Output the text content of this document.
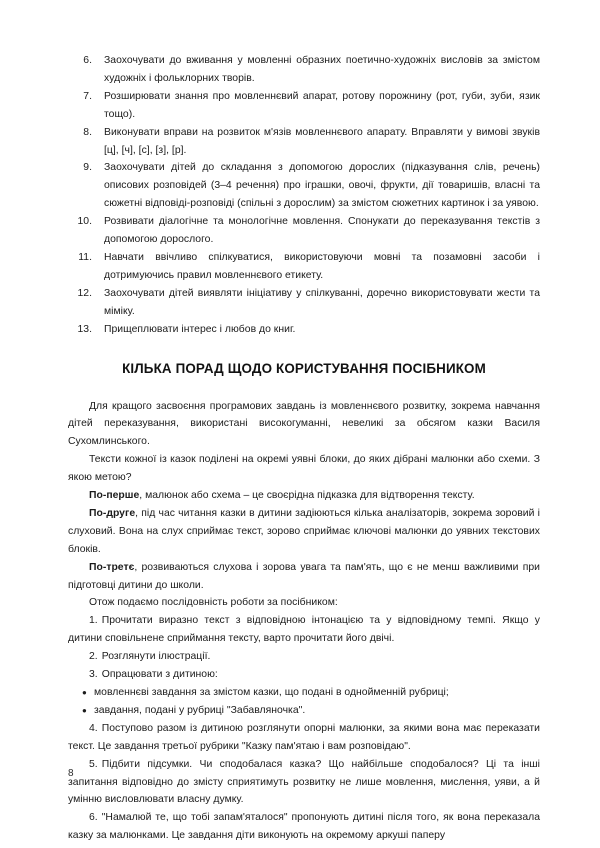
6. Заохочувати до вживання у мовленні образних поетично-художніх висловів за змістом художніх і фольклорних творів.
7. Розширювати знання про мовленнєвий апарат, ротову порожнину (рот, губи, зуби, язик тощо).
8. Виконувати вправи на розвиток м'язів мовленнєвого апарату. Вправляти у вимові звуків [ц], [ч], [с], [з], [р].
9. Заохочувати дітей до складання з допомогою дорослих (підказування слів, речень) описових розповідей (3–4 речення) про іграшки, овочі, фрукти, дії товаришів, власні та сюжетні відповіді-розповіді (спільні з дорослим) за змістом сюжетних картинок і за уявою.
10. Розвивати діалогічне та монологічне мовлення. Спонукати до переказування текстів з допомогою дорослого.
11. Навчати ввічливо спілкуватися, використовуючи мовні та позамовні засоби і дотримуючись правил мовленнєвого етикету.
12. Заохочувати дітей виявляти ініціативу у спілкуванні, доречно використовувати жести та міміку.
13. Прищеплювати інтерес і любов до книг.
КІЛЬКА ПОРАД ЩОДО КОРИСТУВАННЯ ПОСІБНИКОМ

Для кращого засвоєння програмових завдань із мовленнєвого розвитку, зокрема навчання дітей переказування, використані високогуманні, невеликі за обсягом казки Василя Сухомлинського.

Тексти кожної із казок поділені на окремі уявні блоки, до яких дібрані малюнки або схеми. З якою метою?

По-перше, малюнок або схема – це своєрідна підказка для відтворення тексту.

По-друге, під час читання казки в дитини задіюються кілька аналізаторів, зокрема зоровий і слуховий. Вона на слух сприймає текст, зорово сприймає ключові малюнки до уявних текстових блоків.

По-третє, розвиваються слухова і зорова увага та пам'ять, що є не менш важливими при підготовці дитини до школи.

Отож подаємо послідовність роботи за посібником:

1. Прочитати виразно текст з відповідною інтонацією та у відповідному темпі. Якщо у дитини сповільнене сприймання тексту, варто прочитати його двічі.

2. Розглянути ілюстрації.

3. Опрацювати з дитиною:

● мовленнєві завдання за змістом казки, що подані в однойменній рубриці;

● завдання, подані у рубриці "Забавляночка".

4. Поступово разом із дитиною розглянути опорні малюнки, за якими вона має переказати текст. Це завдання третьої рубрики "Казку пам'ятаю і вам розповідаю".

5. Підбити підсумки. Чи сподобалася казка? Що найбільше сподобалося? Ці та інші запитання відповідно до змісту сприятимуть розвитку не лише мовлення, мислення, уяви, а й умінню висловлювати власну думку.

6. "Намалюй те, що тобі запам'яталося" пропонують дитині після того, як вона переказала казку за малюнками. Це завдання діти виконують на окремому аркуші паперу

8
